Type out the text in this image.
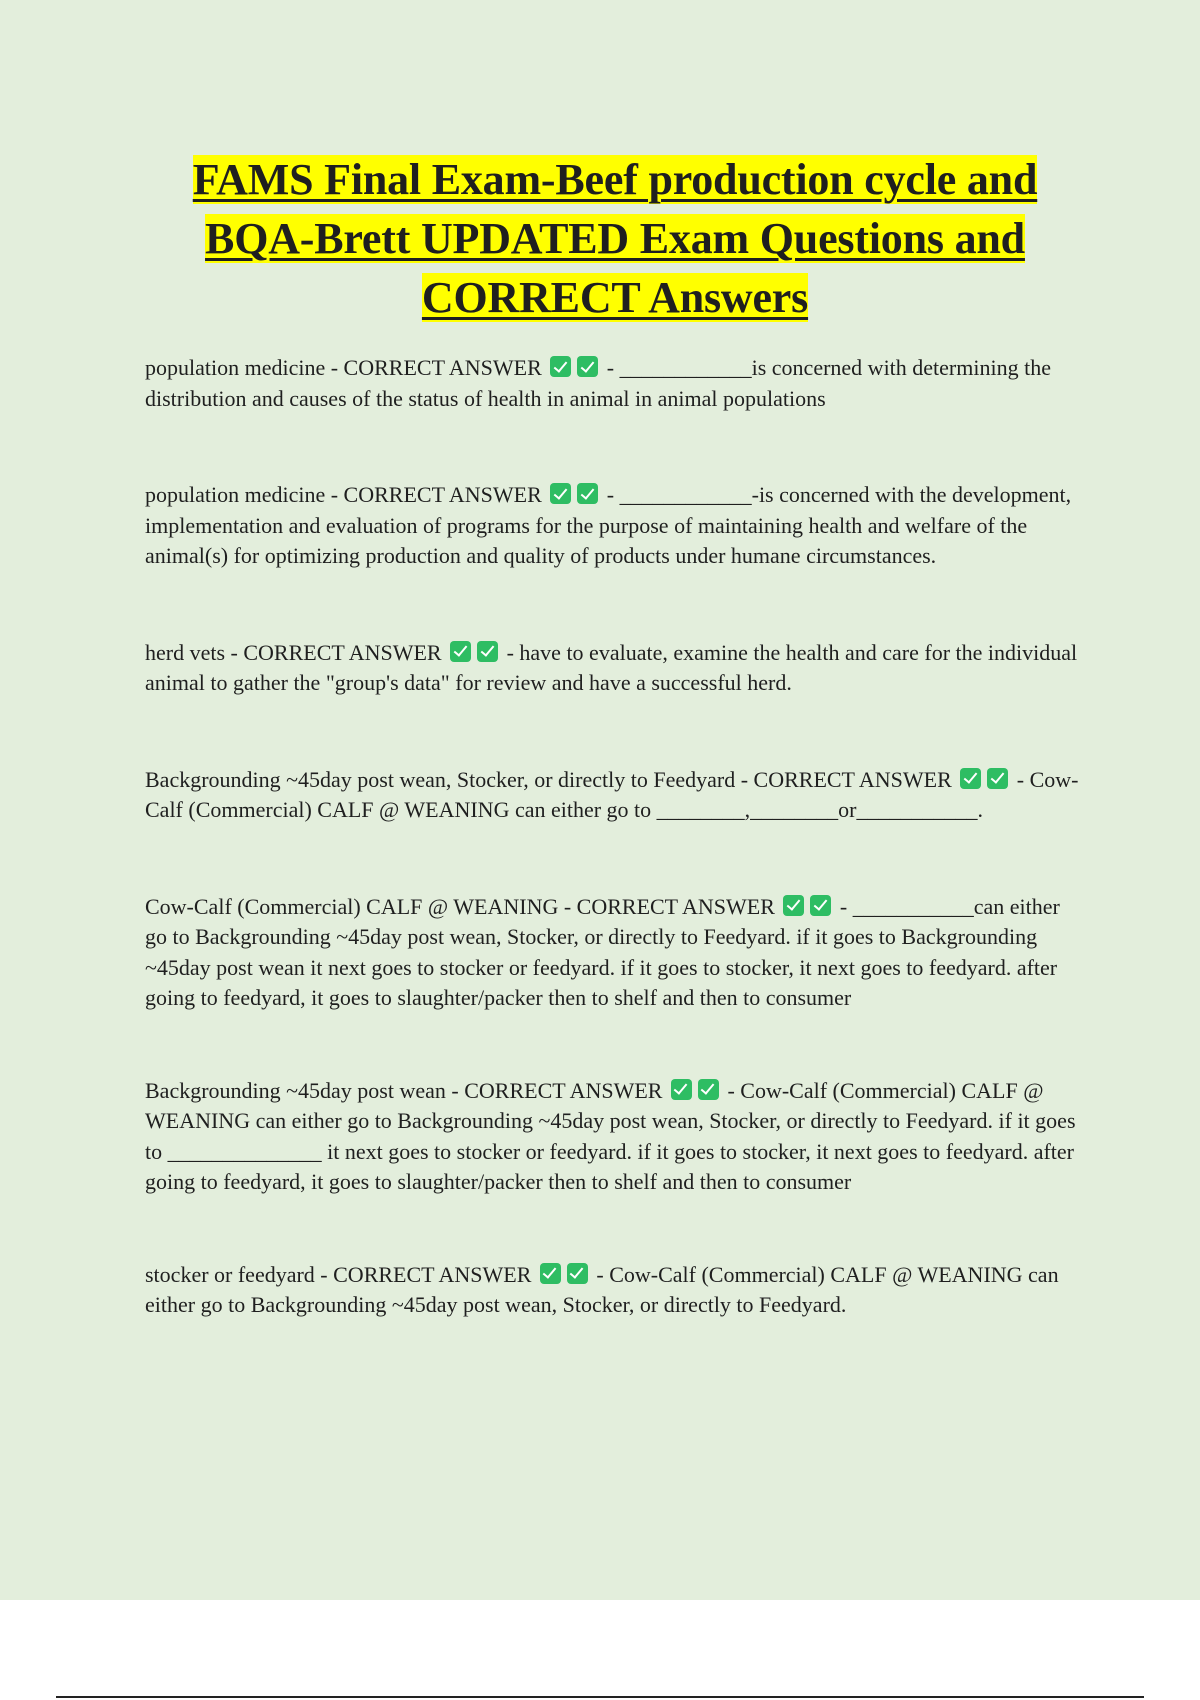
FAMS Final Exam-Beef production cycle and BQA-Brett UPDATED Exam Questions and CORRECT Answers

population medicine - CORRECT ANSWER	- ____________is concerned with determining the distribution and causes of the status of health in animal in animal populations

population medicine - CORRECT ANSWER	- ____________-is concerned with the development, implementation and evaluation of programs for the purpose of maintaining health and welfare of the animal(s) for optimizing production and quality of products under humane circumstances.

herd vets - CORRECT ANSWER	- have to evaluate, examine the health and care for the individual animal to gather the "group's data" for review and have a successful herd.

Backgrounding ~45day post wean, Stocker, or directly to Feedyard - CORRECT ANSWER	- Cow-Calf (Commercial) CALF @ WEANING can either go to ________,________or___________.

Cow-Calf (Commercial) CALF @ WEANING - CORRECT ANSWER	- ___________can either go to Backgrounding ~45day post wean, Stocker, or directly to Feedyard. if it goes to Backgrounding ~45day post wean it next goes to stocker or feedyard. if it goes to stocker, it next goes to feedyard. after going to feedyard, it goes to slaughter/packer then to shelf and then to consumer

Backgrounding ~45day post wean - CORRECT ANSWER	- Cow-Calf (Commercial) CALF @ WEANING can either go to Backgrounding ~45day post wean, Stocker, or directly to Feedyard. if it goes to ______________ it next goes to stocker or feedyard. if it goes to stocker, it next goes to feedyard. after going to feedyard, it goes to slaughter/packer then to shelf and then to consumer

stocker or feedyard - CORRECT ANSWER	- Cow-Calf (Commercial) CALF @ WEANING can either go to Backgrounding ~45day post wean, Stocker, or directly to Feedyard.
